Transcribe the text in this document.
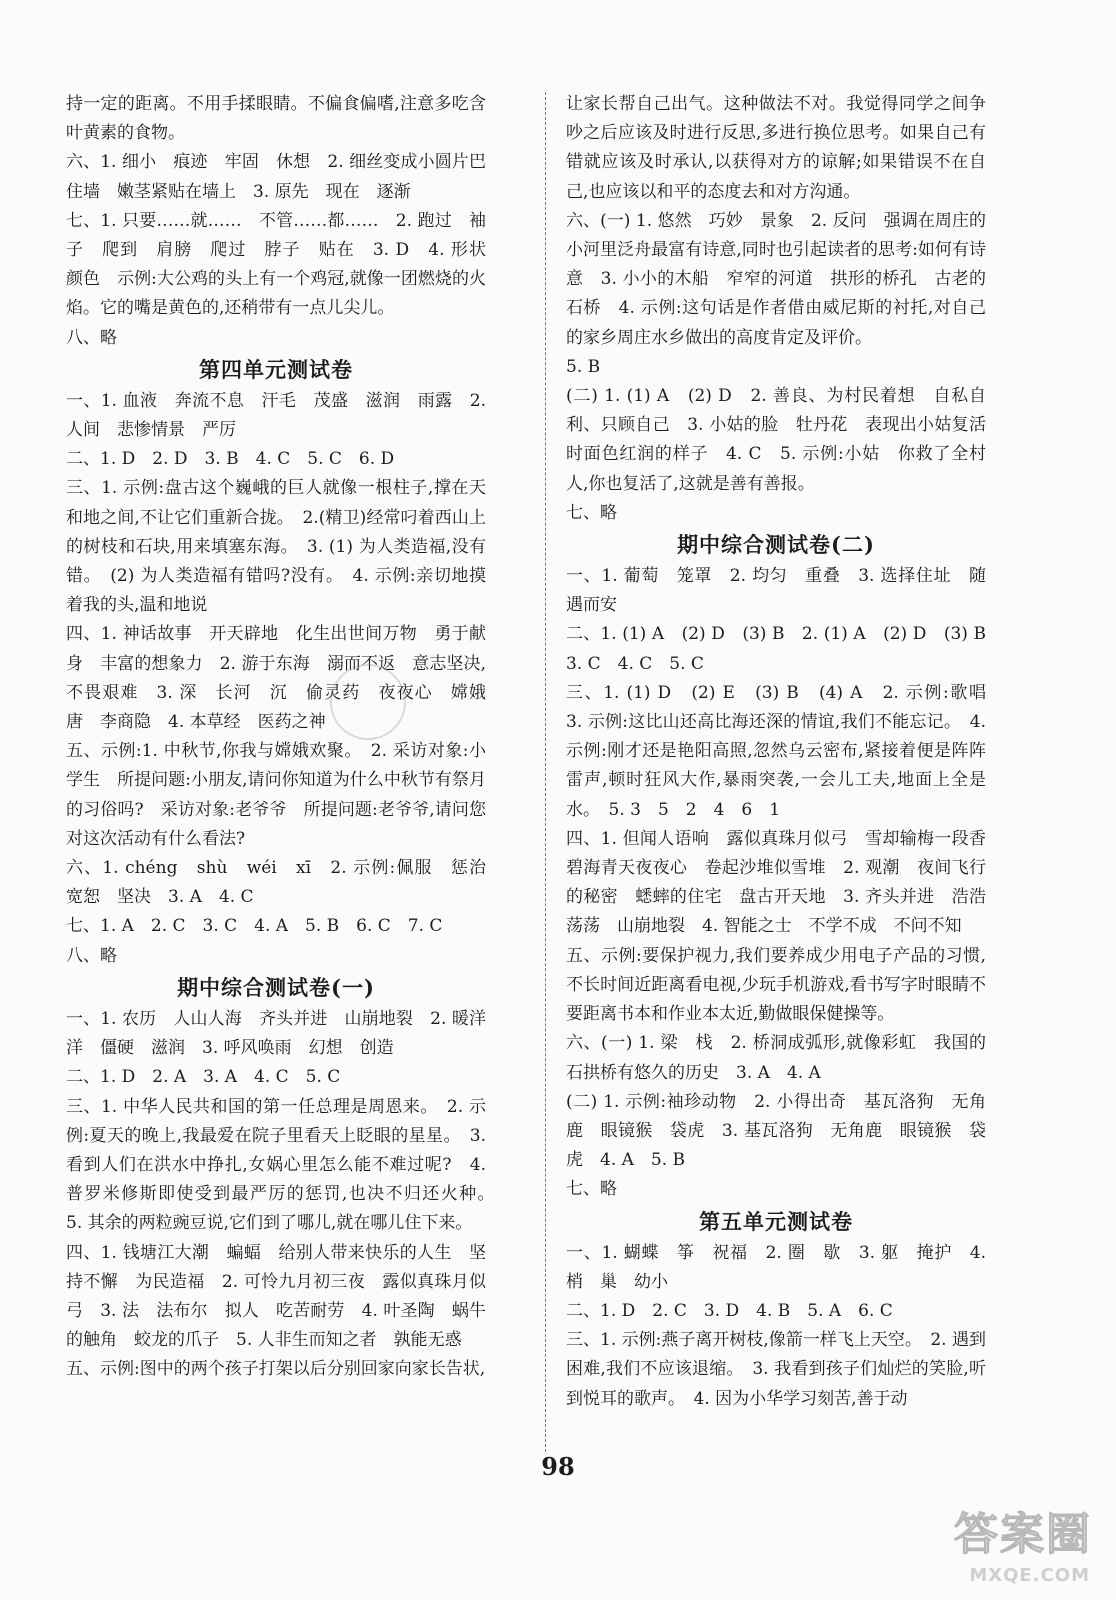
持一定的距离。不用手揉眼睛。不偏食偏嗜,注意多吃含叶黄素的食物。

六、1. 细小　痕迹　牢固　休想　2. 细丝变成小圆片巴住墙　嫩茎紧贴在墙上　3. 原先　现在　逐渐

七、1. 只要……就……　不管……都……　2. 跑过　袖子　爬到　肩膀　爬过　脖子　贴在　3. D　4. 形状　颜色　示例:大公鸡的头上有一个鸡冠,就像一团燃烧的火焰。它的嘴是黄色的,还稍带有一点儿尖儿。

八、略

第四单元测试卷

一、1. 血液　奔流不息　汗毛　茂盛　滋润　雨露　2. 人间　悲惨情景　严厉

二、1. D　2. D　3. B　4. C　5. C　6. D

三、1. 示例:盘古这个巍峨的巨人就像一根柱子,撑在天和地之间,不让它们重新合拢。　2.(精卫)经常叼着西山上的树枝和石块,用来填塞东海。　3. (1) 为人类造福,没有错。　(2) 为人类造福有错吗?没有。　4. 示例:亲切地摸着我的头,温和地说

四、1. 神话故事　开天辟地　化生出世间万物　勇于献身　丰富的想象力　2. 游于东海　溺而不返　意志坚决,不畏艰难　3. 深　长河　沉　偷灵药　夜夜心　嫦娥　唐　李商隐　4. 本草经　医药之神

五、示例:1. 中秋节,你我与嫦娥欢聚。　2. 采访对象:小学生　所提问题:小朋友,请问你知道为什么中秋节有祭月的习俗吗?　采访对象:老爷爷　所提问题:老爷爷,请问您对这次活动有什么看法?

六、1. chéng　shù　wéi　xī　2. 示例:佩服　惩治　宽恕　坚决　3. A　4. C

七、1. A　2. C　3. C　4. A　5. B　6. C　7. C

八、略

期中综合测试卷(一)

一、1. 农历　人山人海　齐头并进　山崩地裂　2. 暖洋洋　僵硬　滋润　3. 呼风唤雨　幻想　创造

二、1. D　2. A　3. A　4. C　5. C

三、1. 中华人民共和国的第一任总理是周恩来。　2. 示例:夏天的晚上,我最爱在院子里看天上眨眼的星星。　3. 看到人们在洪水中挣扎,女娲心里怎么能不难过呢?　4. 普罗米修斯即使受到最严厉的惩罚,也决不归还火种。　5. 其余的两粒豌豆说,它们到了哪儿,就在哪儿住下来。

四、1. 钱塘江大潮　蝙蝠　给别人带来快乐的人生　坚持不懈　为民造福　2. 可怜九月初三夜　露似真珠月似弓　3. 法　法布尔　拟人　吃苦耐劳　4. 叶圣陶　蜗牛的触角　蛟龙的爪子　5. 人非生而知之者　孰能无惑

五、示例:图中的两个孩子打架以后分别回家向家长告状,

让家长帮自己出气。这种做法不对。我觉得同学之间争吵之后应该及时进行反思,多进行换位思考。如果自己有错就应该及时承认,以获得对方的谅解;如果错误不在自己,也应该以和平的态度去和对方沟通。

六、(一) 1. 悠然　巧妙　景象　2. 反问　强调在周庄的小河里泛舟最富有诗意,同时也引起读者的思考:如何有诗意　3. 小小的木船　窄窄的河道　拱形的桥孔　古老的石桥　4. 示例:这句话是作者借由威尼斯的衬托,对自己的家乡周庄水乡做出的高度肯定及评价。

5. B

(二) 1. (1) A　(2) D　2. 善良、为村民着想　自私自利、只顾自己　3. 小姑的脸　牡丹花　表现出小姑复活时面色红润的样子　4. C　5. 示例:小姑　你救了全村人,你也复活了,这就是善有善报。

七、略

期中综合测试卷(二)

一、1. 葡萄　笼罩　2. 均匀　重叠　3. 选择住址　随遇而安

二、1. (1) A　(2) D　(3) B　2. (1) A　(2) D　(3) B　3. C　4. C　5. C

三、1. (1) D　(2) E　(3) B　(4) A　2. 示例:歌唱　3. 示例:这比山还高比海还深的情谊,我们不能忘记。　4. 示例:刚才还是艳阳高照,忽然乌云密布,紧接着便是阵阵雷声,顿时狂风大作,暴雨突袭,一会儿工夫,地面上全是水。　5. 3　5　2　4　6　1

四、1. 但闻人语响　露似真珠月似弓　雪却输梅一段香　碧海青天夜夜心　卷起沙堆似雪堆　2. 观潮　夜间飞行的秘密　蟋蟀的住宅　盘古开天地　3. 齐头并进　浩浩荡荡　山崩地裂　4. 智能之士　不学不成　不问不知

五、示例:要保护视力,我们要养成少用电子产品的习惯,不长时间近距离看电视,少玩手机游戏,看书写字时眼睛不要距离书本和作业本太近,勤做眼保健操等。

六、(一) 1. 梁　栈　2. 桥洞成弧形,就像彩虹　我国的石拱桥有悠久的历史　3. A　4. A

(二) 1. 示例:袖珍动物　2. 小得出奇　基瓦洛狗　无角鹿　眼镜猴　袋虎　3. 基瓦洛狗　无角鹿　眼镜猴　袋虎　4. A　5. B

七、略

第五单元测试卷

一、1. 蝴蝶　筝　祝福　2. 圈　歇　3. 躯　掩护　4. 梢　巢　幼小

二、1. D　2. C　3. D　4. B　5. A　6. C

三、1. 示例:燕子离开树枝,像箭一样飞上天空。　2. 遇到困难,我们不应该退缩。　3. 我看到孩子们灿烂的笑脸,听到悦耳的歌声。　4. 因为小华学习刻苦,善于动

98
答案圈
MXQE.COM
